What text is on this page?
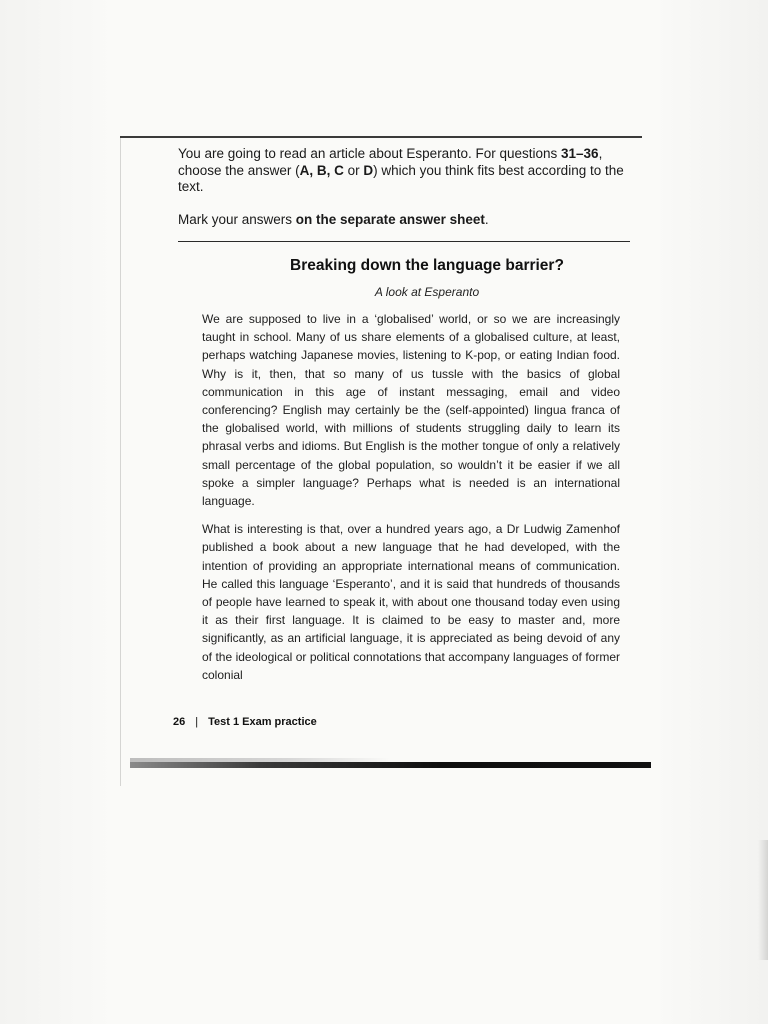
You are going to read an article about Esperanto. For questions 31–36, choose the answer (A, B, C or D) which you think fits best according to the text.

Mark your answers on the separate answer sheet.

Breaking down the language barrier?
A look at Esperanto

We are supposed to live in a ‘globalised’ world, or so we are increasingly taught in school. Many of us share elements of a globalised culture, at least, perhaps watching Japanese movies, listening to K-pop, or eating Indian food. Why is it, then, that so many of us tussle with the basics of global communication in this age of instant messaging, email and video conferencing? English may certainly be the (self-appointed) lingua franca of the globalised world, with millions of students struggling daily to learn its phrasal verbs and idioms. But English is the mother tongue of only a relatively small percentage of the global population, so wouldn’t it be easier if we all spoke a simpler language? Perhaps what is needed is an international language.

What is interesting is that, over a hundred years ago, a Dr Ludwig Zamenhof published a book about a new language that he had developed, with the intention of providing an appropriate international means of communication. He called this language ‘Esperanto’, and it is said that hundreds of thousands of people have learned to speak it, with about one thousand today even using it as their first language. It is claimed to be easy to master and, more significantly, as an artificial language, it is appreciated as being devoid of any of the ideological or political connotations that accompany languages of former colonial

26 | Test 1 Exam practice
